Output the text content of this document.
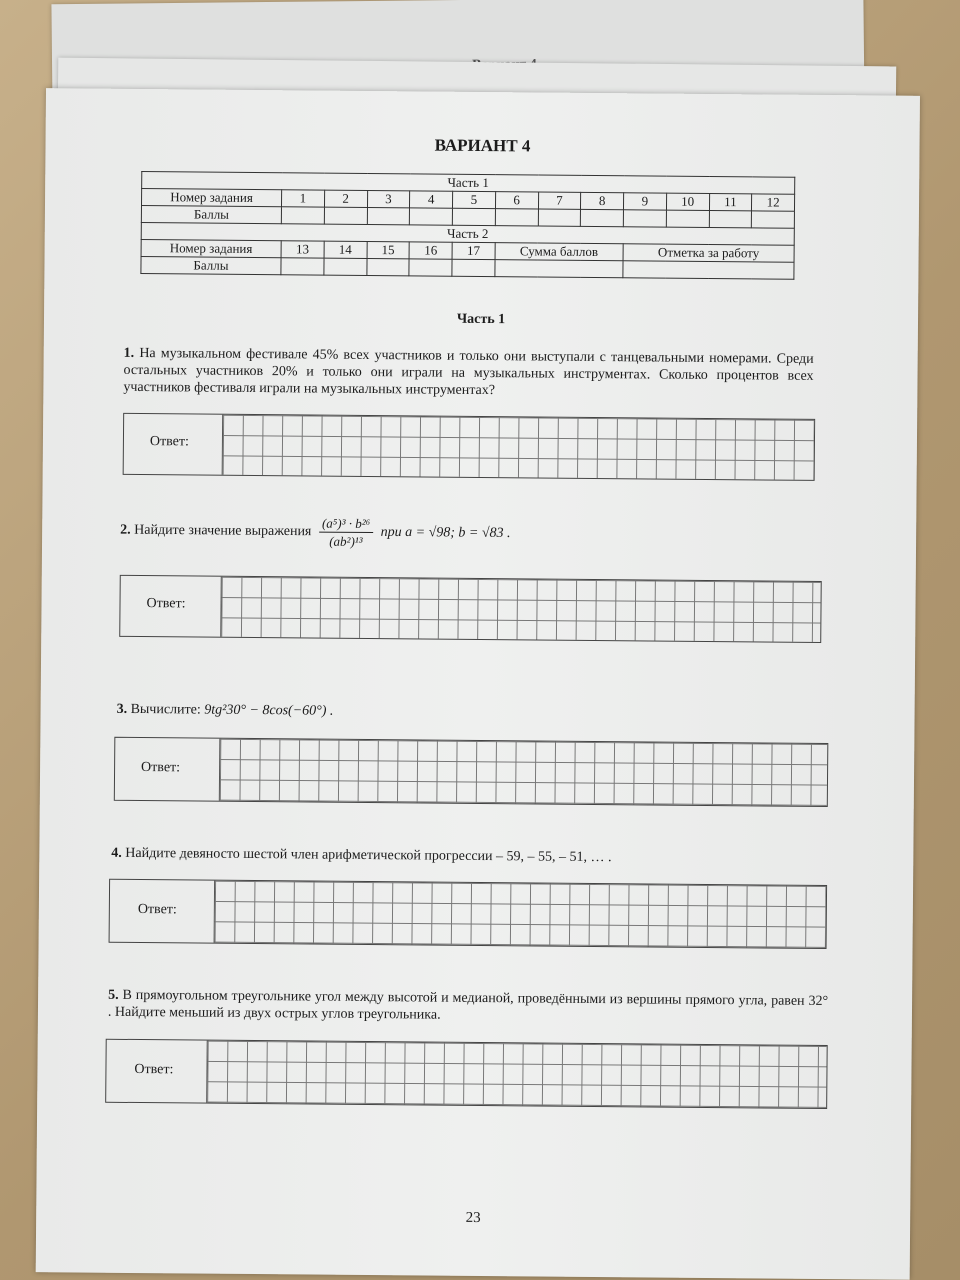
ВАРИАНТ 4
Часть 1												
Номер задания	1	2	3	4	5	6	7	8	9	10	11	12
Баллы												
Часть 2												
Номер задания	13	14	15	16	17	Сумма баллов			Отметка за работу			
Баллы												
Часть 1
1. На музыкальном фестивале 45% всех участников и только они выступали с танцевальными номерами. Среди остальных участников 20% и только они играли на музыкальных инструментах. Сколько процентов всех участников фестиваля играли на музыкальных инструментах?
Ответ:
2. Найдите значение выражения $\frac{\text{(a⁵)³ · b²⁶}}{\text{(ab²)¹³}}$ при a = √98; b = √83 .
Ответ:
3. Вычислите: 9tg²30° − 8cos(−60°) .
Ответ:
4. Найдите девяносто шестой член арифметической прогрессии – 59, – 55, – 51, … .
Ответ:
5. В прямоугольном треугольнике угол между высотой и медианой, проведёнными из вершины прямого угла, равен 32° . Найдите меньший из двух острых углов треугольника.
Ответ:
23
